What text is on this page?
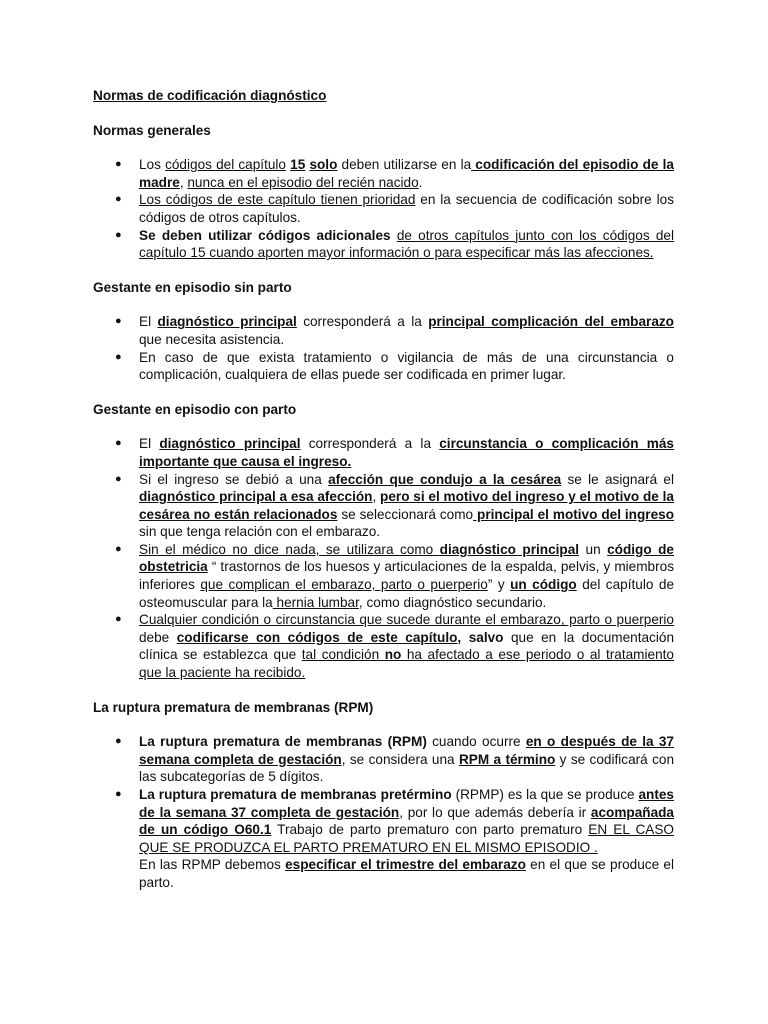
Normas de codificación diagnóstico
Normas generales
● Los códigos del capítulo 15 solo deben utilizarse en la codificación del episodio de la madre, nunca en el episodio del recién nacido.
● Los códigos de este capítulo tienen prioridad en la secuencia de codificación sobre los códigos de otros capítulos.
● Se deben utilizar códigos adicionales de otros capítulos junto con los códigos del capítulo 15 cuando aporten mayor información o para especificar más las afecciones.
Gestante en episodio sin parto
● El diagnóstico principal corresponderá a la principal complicación del embarazo que necesita asistencia.
● En caso de que exista tratamiento o vigilancia de más de una circunstancia o complicación, cualquiera de ellas puede ser codificada en primer lugar.
Gestante en episodio con parto
● El diagnóstico principal corresponderá a la circunstancia o complicación más importante que causa el ingreso.
● Si el ingreso se debió a una afección que condujo a la cesárea se le asignará el diagnóstico principal a esa afección, pero si el motivo del ingreso y el motivo de la cesárea no están relacionados se seleccionará como principal el motivo del ingreso sin que tenga relación con el embarazo.
● Sin el médico no dice nada, se utilizara como diagnóstico principal un código de obstetricia “ trastornos de los huesos y articulaciones de la espalda, pelvis, y miembros inferiores que complican el embarazo, parto o puerperio” y un código del capítulo de osteomuscular para la hernia lumbar, como diagnóstico secundario.
● Cualquier condición o circunstancia que sucede durante el embarazo, parto o puerperio debe codificarse con códigos de este capítulo, salvo que en la documentación clínica se establezca que tal condición no ha afectado a ese periodo o al tratamiento que la paciente ha recibido.
La ruptura prematura de membranas (RPM)
● La ruptura prematura de membranas (RPM) cuando ocurre en o después de la 37 semana completa de gestación, se considera una RPM a término y se codificará con las subcategorías de 5 dígitos.

● La ruptura prematura de membranas pretérmino (RPMP) es la que se produce antes de la semana 37 completa de gestación, por lo que además debería ir acompañada de un código O60.1 Trabajo de parto prematuro con parto prematuro EN EL CASO QUE SE PRODUZCA EL PARTO PREMATURO EN EL MISMO EPISODIO .

En las RPMP debemos especificar el trimestre del embarazo en el que se produce el parto.
